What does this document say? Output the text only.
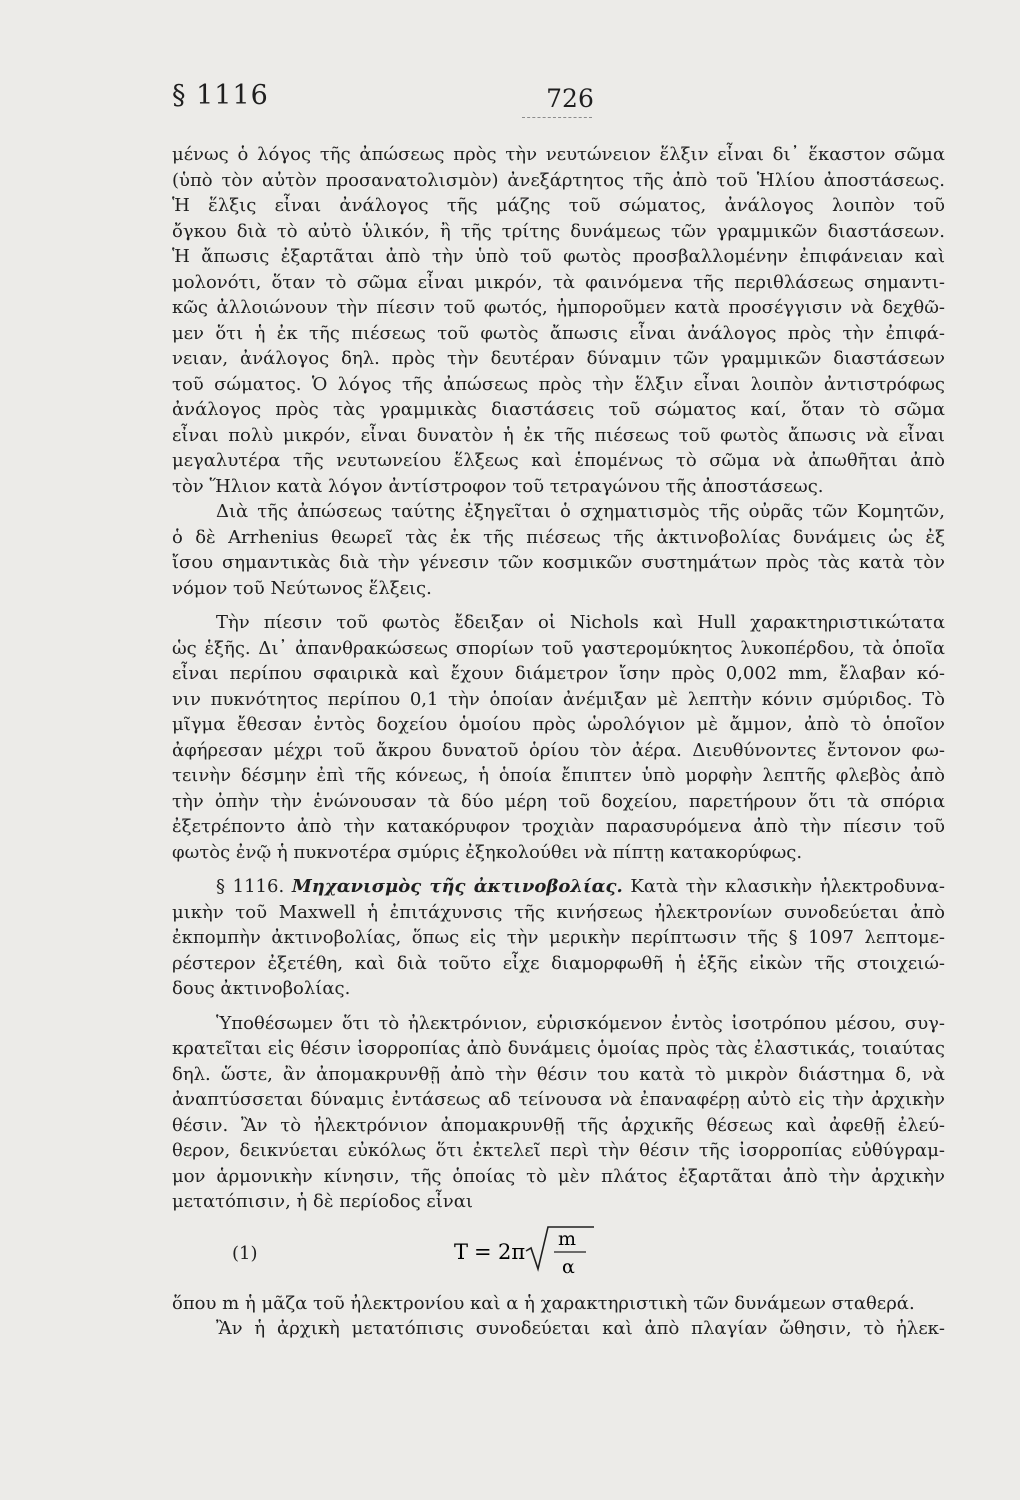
§ 1116	726
μένως ὁ λόγος τῆς ἀπώσεως πρὸς τὴν νευτώνειον ἕλξιν εἶναι δι᾽ ἕκαστον σῶμα
(ὑπὸ τὸν αὐτὸν προσανατολισμὸν) ἀνεξάρτητος τῆς ἀπὸ τοῦ Ἡλίου ἀποστάσεως.
Ἡ ἕλξις εἶναι ἀνάλογος τῆς μάζης τοῦ σώματος, ἀνάλογος λοιπὸν τοῦ
ὄγκου διὰ τὸ αὐτὸ ὑλικόν, ἢ τῆς τρίτης δυνάμεως τῶν γραμμικῶν διαστάσεων.
Ἡ ἄπωσις ἐξαρτᾶται ἀπὸ τὴν ὑπὸ τοῦ φωτὸς προσβαλλομένην ἐπιφάνειαν καὶ
μολονότι, ὅταν τὸ σῶμα εἶναι μικρόν, τὰ φαινόμενα τῆς περιθλάσεως σημαντι-
κῶς ἀλλοιώνουν τὴν πίεσιν τοῦ φωτός, ἠμποροῦμεν κατὰ προσέγγισιν νὰ δεχθῶ-
μεν ὅτι ἡ ἐκ τῆς πιέσεως τοῦ φωτὸς ἄπωσις εἶναι ἀνάλογος πρὸς τὴν ἐπιφά-
νειαν, ἀνάλογος δηλ. πρὸς τὴν δευτέραν δύναμιν τῶν γραμμικῶν διαστάσεων
τοῦ σώματος. Ὁ λόγος τῆς ἀπώσεως πρὸς τὴν ἕλξιν εἶναι λοιπὸν ἀντιστρόφως
ἀνάλογος πρὸς τὰς γραμμικὰς διαστάσεις τοῦ σώματος καί, ὅταν τὸ σῶμα
εἶναι πολὺ μικρόν, εἶναι δυνατὸν ἡ ἐκ τῆς πιέσεως τοῦ φωτὸς ἄπωσις νὰ εἶναι
μεγαλυτέρα τῆς νευτωνείου ἕλξεως καὶ ἑπομένως τὸ σῶμα νὰ ἀπωθῆται ἀπὸ
τὸν Ἥλιον κατὰ λόγον ἀντίστροφον τοῦ τετραγώνου τῆς ἀποστάσεως.
Διὰ τῆς ἀπώσεως ταύτης ἐξηγεῖται ὁ σχηματισμὸς τῆς οὐρᾶς τῶν Κομητῶν,
ὁ δὲ Arrhenius θεωρεῖ τὰς ἐκ τῆς πιέσεως τῆς ἀκτινοβολίας δυνάμεις ὡς ἐξ
ἴσου σημαντικὰς διὰ τὴν γένεσιν τῶν κοσμικῶν συστημάτων πρὸς τὰς κατὰ τὸν
νόμον τοῦ Νεύτωνος ἕλξεις.
Τὴν πίεσιν τοῦ φωτὸς ἔδειξαν οἱ Nichols καὶ Hull χαρακτηριστικώτατα
ὡς ἑξῆς. Δι᾽ ἀπανθρακώσεως σπορίων τοῦ γαστερομύκητος λυκοπέρδου, τὰ ὁποῖα
εἶναι περίπου σφαιρικὰ καὶ ἔχουν διάμετρον ἴσην πρὸς 0,002 mm, ἔλαβαν κό-
νιν πυκνότητος περίπου 0,1 τὴν ὁποίαν ἀνέμιξαν μὲ λεπτὴν κόνιν σμύριδος. Τὸ
μῖγμα ἔθεσαν ἐντὸς δοχείου ὁμοίου πρὸς ὡρολόγιον μὲ ἄμμον, ἀπὸ τὸ ὁποῖον
ἀφήρεσαν μέχρι τοῦ ἄκρου δυνατοῦ ὁρίου τὸν ἀέρα. Διευθύνοντες ἔντονον φω-
τεινὴν δέσμην ἐπὶ τῆς κόνεως, ἡ ὁποία ἔπιπτεν ὑπὸ μορφὴν λεπτῆς φλεβὸς ἀπὸ
τὴν ὀπὴν τὴν ἑνώνουσαν τὰ δύο μέρη τοῦ δοχείου, παρετήρουν ὅτι τὰ σπόρια
ἐξετρέποντο ἀπὸ τὴν κατακόρυφον τροχιὰν παρασυρόμενα ἀπὸ τὴν πίεσιν τοῦ
φωτὸς ἐνῷ ἡ πυκνοτέρα σμύρις ἐξηκολούθει νὰ πίπτῃ κατακορύφως.
§ 1116. Μηχανισμὸς τῆς ἀκτινοβολίας. Κατὰ τὴν κλασικὴν ἠλεκτροδυνα-
μικὴν τοῦ Maxwell ἡ ἐπιτάχυνσις τῆς κινήσεως ἠλεκτρονίων συνοδεύεται ἀπὸ
ἐκπομπὴν ἀκτινοβολίας, ὅπως εἰς τὴν μερικὴν περίπτωσιν τῆς § 1097 λεπτομε-
ρέστερον ἐξετέθη, καὶ διὰ τοῦτο εἶχε διαμορφωθῆ ἡ ἑξῆς εἰκὼν τῆς στοιχειώ-
δους ἀκτινοβολίας.
Ὑποθέσωμεν ὅτι τὸ ἠλεκτρόνιον, εὑρισκόμενον ἐντὸς ἰσοτρόπου μέσου, συγ-
κρατεῖται εἰς θέσιν ἰσορροπίας ἀπὸ δυνάμεις ὁμοίας πρὸς τὰς ἐλαστικάς, τοιαύτας
δηλ. ὥστε, ἂν ἀπομακρυνθῇ ἀπὸ τὴν θέσιν του κατὰ τὸ μικρὸν διάστημα δ, νὰ
ἀναπτύσσεται δύναμις ἐντάσεως αδ τείνουσα νὰ ἐπαναφέρῃ αὐτὸ εἰς τὴν ἀρχικὴν
θέσιν. Ἂν τὸ ἠλεκτρόνιον ἀπομακρυνθῇ τῆς ἀρχικῆς θέσεως καὶ ἀφεθῇ ἐλεύ-
θερον, δεικνύεται εὐκόλως ὅτι ἐκτελεῖ περὶ τὴν θέσιν τῆς ἰσορροπίας εὐθύγραμ-
μον ἁρμονικὴν κίνησιν, τῆς ὁποίας τὸ μὲν πλάτος ἐξαρτᾶται ἀπὸ τὴν ἀρχικὴν
μετατόπισιν, ἡ δὲ περίοδος εἶναι
(1)	T = 2π
m
α
ὅπου m ἡ μᾶζα τοῦ ἠλεκτρονίου καὶ α ἡ χαρακτηριστικὴ τῶν δυνάμεων σταθερά.
Ἂν ἡ ἀρχικὴ μετατόπισις συνοδεύεται καὶ ἀπὸ πλαγίαν ὤθησιν, τὸ ἠλεκ-
